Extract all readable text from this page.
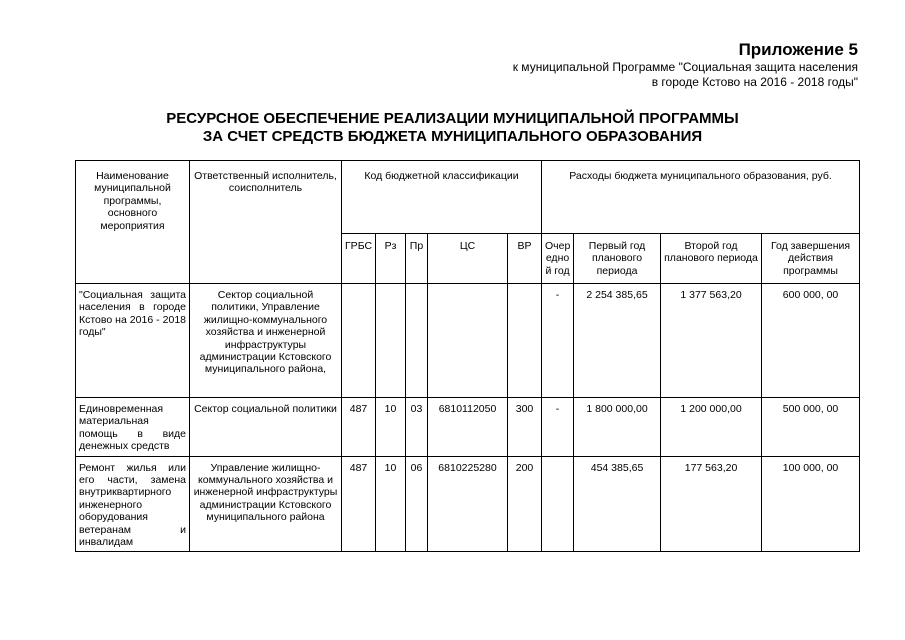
Приложение 5
к муниципальной Программе "Социальная защита населения
в городе Кстово на 2016 - 2018 годы"
РЕСУРСНОЕ ОБЕСПЕЧЕНИЕ РЕАЛИЗАЦИИ МУНИЦИПАЛЬНОЙ ПРОГРАММЫ
ЗА СЧЕТ СРЕДСТВ БЮДЖЕТА МУНИЦИПАЛЬНОГО ОБРАЗОВАНИЯ
Наименование муниципальной программы, основного мероприятия	Ответственный исполнитель, соисполнитель	Код бюджетной классификации					Расходы бюджета муниципального образования, руб.			
		ГРБС	Рз	Пр	ЦС	ВР	Очер едно й год	Первый год планового периода	Второй год планового периода	Год завершения действия программы
"Социальная защита населения в городе Кстово на 2016 - 2018 годы"	Сектор социальной политики, Управление жилищно-коммунального хозяйства и инженерной инфраструктуры администрации Кстовского муниципального района,						-	2 254 385,65	1 377 563,20	600 000, 00
Единовременная материальная помощь в виде денежных средств	Сектор социальной политики	487	10	03	6810112050	300	-	1 800 000,00	1 200 000,00	500 000, 00
Ремонт жилья или его части, замена внутриквартирного инженерного оборудования ветеранам и инвалидам	Управление жилищно-коммунального хозяйства и инженерной инфраструктуры администрации Кстовского муниципального района	487	10	06	6810225280	200		454 385,65	177 563,20	100 000, 00
